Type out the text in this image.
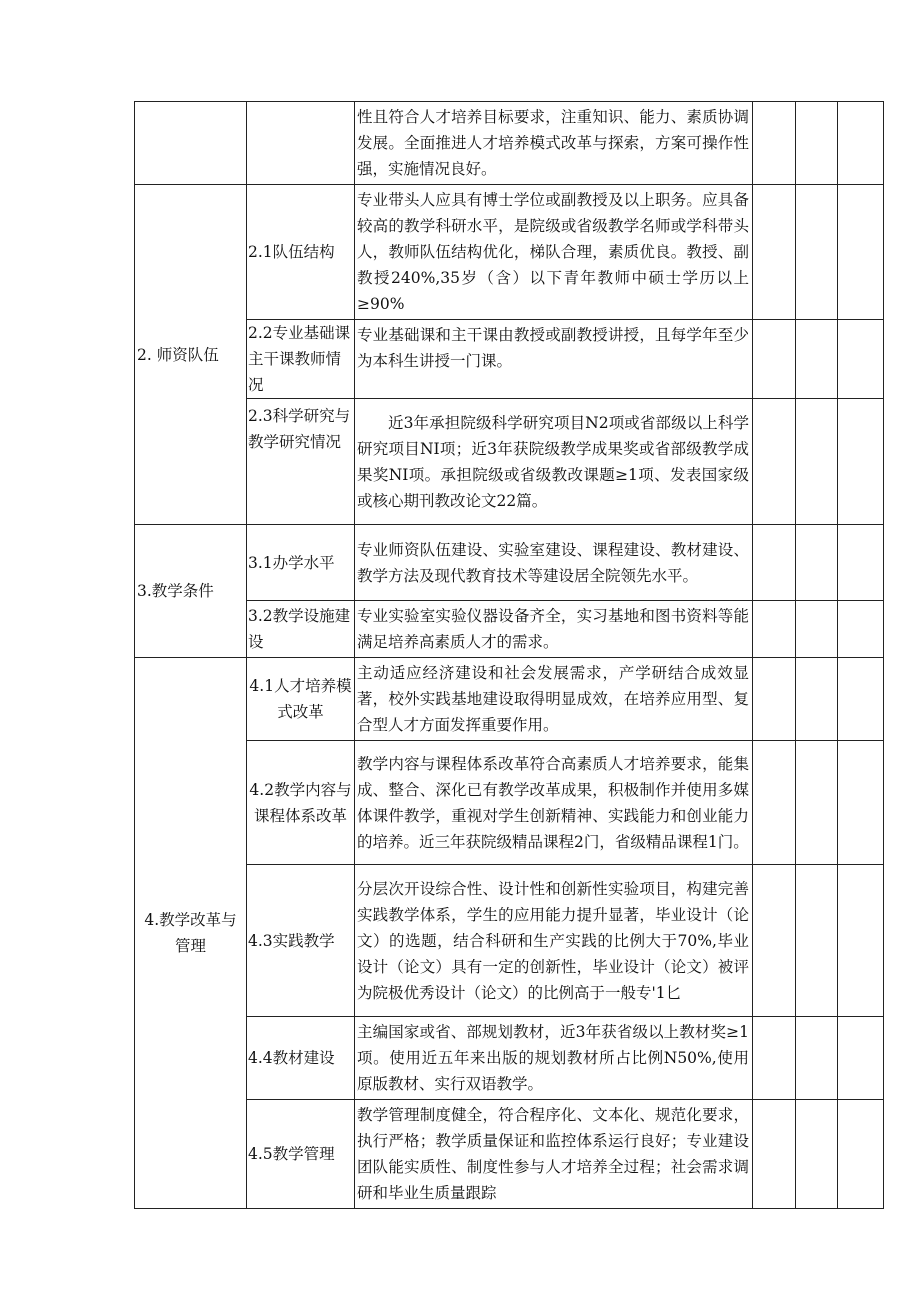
		性且符合人才培养目标要求，注重知识、能力、素质协调发展。全面推进人才培养模式改革与探索，方案可操作性强，实施情况良好。			
2. 师资队伍	2.1队伍结构	专业带头人应具有博士学位或副教授及以上职务。应具备较高的教学科研水平，是院级或省级教学名师或学科带头人，教师队伍结构优化，梯队合理，素质优良。教授、副教授240%,35岁（含）以下青年教师中硕士学历以上≥90%			
	2.2专业基础课主干课教师情况	专业基础课和主干课由教授或副教授讲授，且每学年至少为本科生讲授一门课。			
	2.3科学研究与教学研究情况	近3年承担院级科学研究项目N2项或省部级以上科学研究项目NI项；近3年获院级教学成果奖或省部级教学成果奖NI项。承担院级或省级教改课题≥1项、发表国家级或核心期刊教改论文22篇。			
3.教学条件	3.1办学水平	专业师资队伍建设、实验室建设、课程建设、教材建设、教学方法及现代教育技术等建设居全院领先水平。			
	3.2教学设施建设	专业实验室实验仪器设备齐全，实习基地和图书资料等能满足培养高素质人才的需求。			
4.教学改革与管理	4.1人才培养模式改革	主动适应经济建设和社会发展需求，产学研结合成效显著，校外实践基地建设取得明显成效，在培养应用型、复合型人才方面发挥重要作用。			
	4.2教学内容与课程体系改革	教学内容与课程体系改革符合高素质人才培养要求，能集成、整合、深化已有教学改革成果，积极制作并使用多媒体课件教学，重视对学生创新精神、实践能力和创业能力的培养。近三年获院级精品课程2门，省级精品课程1门。			
	4.3实践教学	分层次开设综合性、设计性和创新性实验项目，构建完善实践教学体系，学生的应用能力提升显著，毕业设计（论文）的选题，结合科研和生产实践的比例大于70%,毕业设计（论文）具有一定的创新性，毕业设计（论文）被评为院极优秀设计（论文）的比例高于一般专'1匕			
	4.4教材建设	主编国家或省、部规划教材，近3年获省级以上教材奖≥1项。使用近五年来出版的规划教材所占比例N50%,使用原版教材、实行双语教学。			
	4.5教学管理	教学管理制度健全，符合程序化、文本化、规范化要求，执行严格；教学质量保证和监控体系运行良好；专业建设团队能实质性、制度性参与人才培养全过程；社会需求调研和毕业生质量跟踪			
